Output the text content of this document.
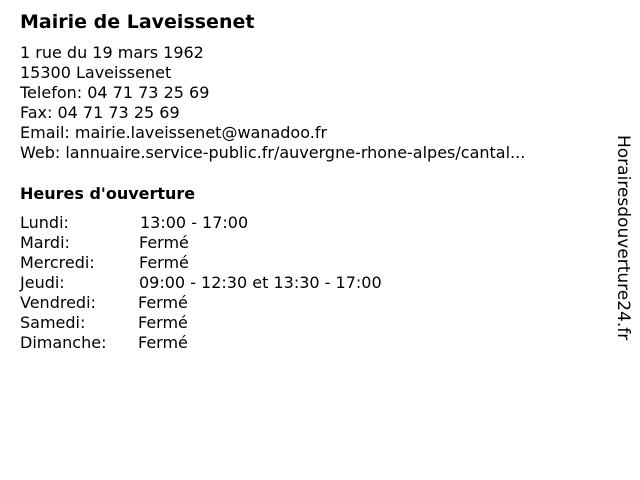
Mairie de Laveissenet
1 rue du 19 mars 1962
15300 Laveissenet
Telefon: 04 71 73 25 69
Fax: 04 71 73 25 69
Email: mairie.laveissenet@wanadoo.fr
Web: lannuaire.service-public.fr/auvergne-rhone-alpes/cantal...
Heures d'ouverture
Lundi:	13:00 - 17:00
Mardi:	Fermé
Mercredi:	Fermé
Jeudi:	09:00 - 12:30 et 13:30 - 17:00
Vendredi:	Fermé
Samedi:	Fermé
Dimanche: Fermé
Horairesdouverture24.fr
